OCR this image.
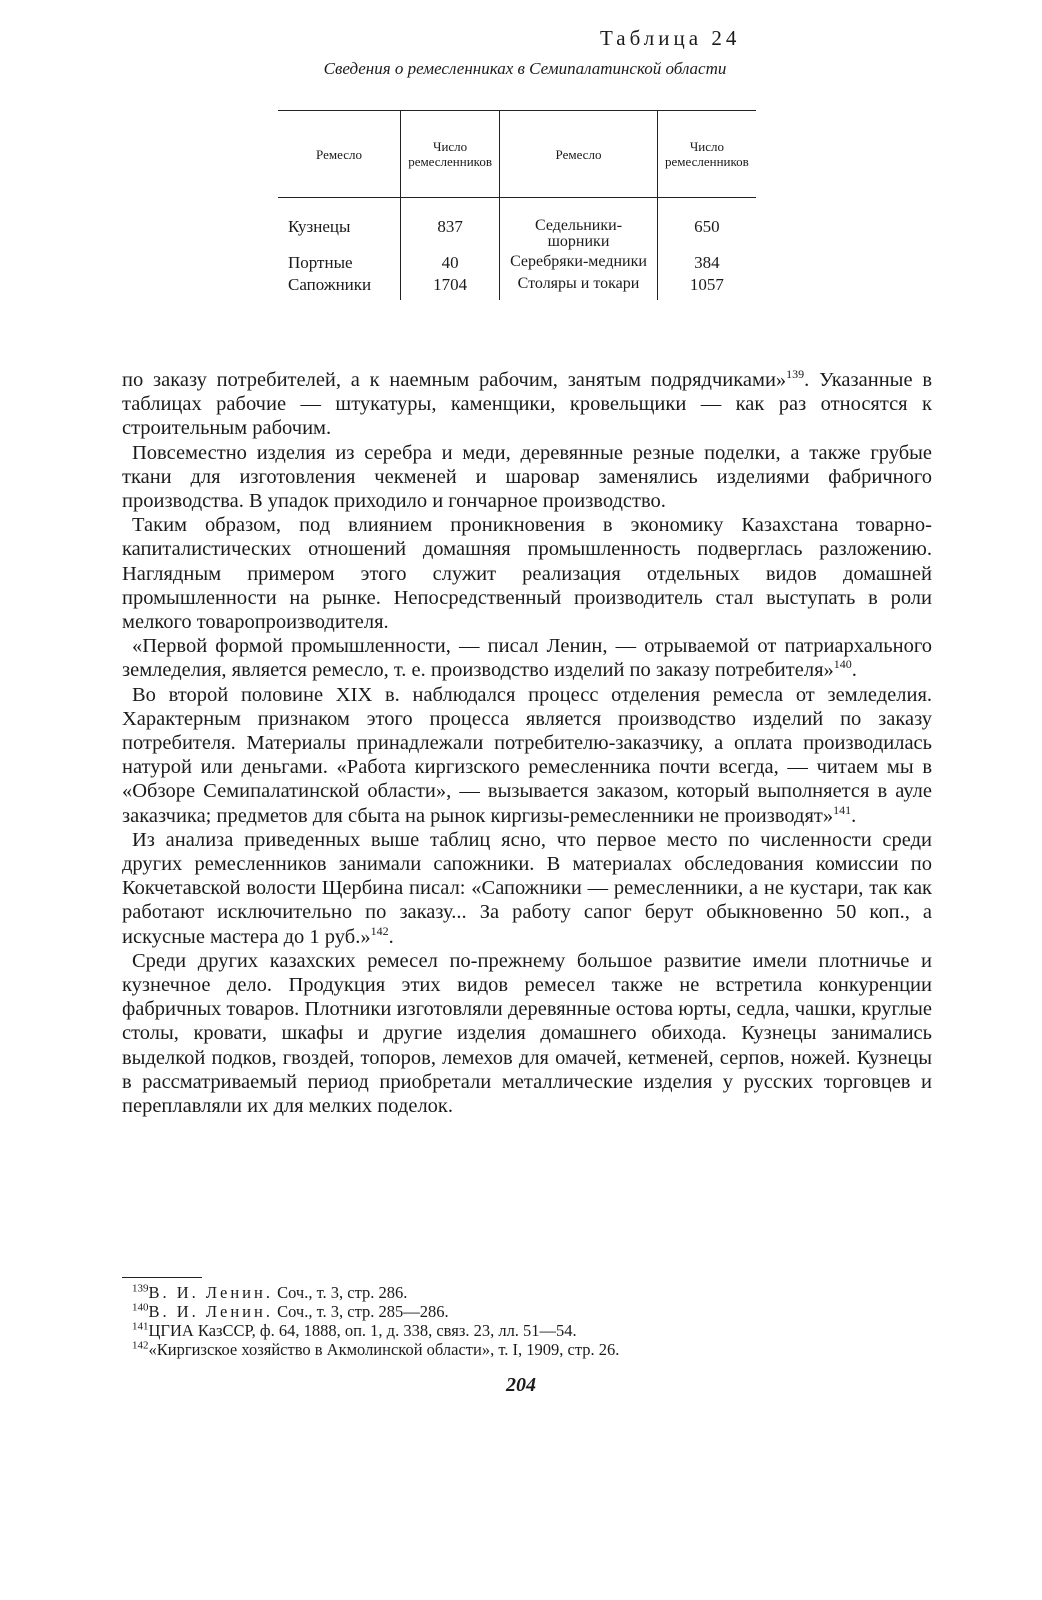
Таблица 24
Сведения о ремесленниках в Семипалатинской области
Ремесло	Число ремесленников	Ремесло	Число ремесленников
Кузнецы	837	Седельники-шорники	650
Портные	40	Серебряки-медники	384
Сапожники	1704	Столяры и токари	1057

по заказу потребителей, а к наемным рабочим, занятым подрядчиками»$^{139}$. Указанные в таблицах рабочие — штукатуры, каменщики, кровельщики — как раз относятся к строительным рабочим.

Повсеместно изделия из серебра и меди, деревянные резные поделки, а также грубые ткани для изготовления чекменей и шаровар заменялись изделиями фабричного производства. В упадок приходило и гончарное производство.

Таким образом, под влиянием проникновения в экономику Казахстана товарно-капиталистических отношений домашняя промышленность подверглась разложению. Наглядным примером этого служит реализация отдельных видов домашней промышленности на рынке. Непосредственный производитель стал выступать в роли мелкого товаропроизводителя.

«Первой формой промышленности, — писал Ленин, — отрываемой от патриархального земледелия, является ремесло, т. е. производство изделий по заказу потребителя»$^{140}$.

Во второй половине XIX в. наблюдался процесс отделения ремесла от земледелия. Характерным признаком этого процесса является производство изделий по заказу потребителя. Материалы принадлежали потребителю-заказчику, а оплата производилась натурой или деньгами. «Работа киргизского ремесленника почти всегда, — читаем мы в «Обзоре Семипалатинской области», — вызывается заказом, который выполняется в ауле заказчика; предметов для сбыта на рынок киргизы-ремесленники не производят»$^{141}$.

Из анализа приведенных выше таблиц ясно, что первое место по численности среди других ремесленников занимали сапожники. В материалах обследования комиссии по Кокчетавской волости Щербина писал: «Сапожники — ремесленники, а не кустари, так как работают исключительно по заказу... За работу сапог берут обыкновенно 50 коп., а искусные мастера до 1 руб.»$^{142}$.

Среди других казахских ремесел по-прежнему большое развитие имели плотничье и кузнечное дело. Продукция этих видов ремесел также не встретила конкуренции фабричных товаров. Плотники изготовляли деревянные остова юрты, седла, чашки, круглые столы, кровати, шкафы и другие изделия домашнего обихода. Кузнецы занимались выделкой подков, гвоздей, топоров, лемехов для омачей, кетменей, серпов, ножей. Кузнецы в рассматриваемый период приобретали металлические изделия у русских торговцев и переплавляли их для мелких поделок.

$^{139}$В. И. Ленин. Соч., т. 3, стр. 286.
$^{140}$В. И. Ленин. Соч., т. 3, стр. 285—286.
$^{141}$ЦГИА КазССР, ф. 64, 1888, оп. 1, д. 338, связ. 23, лл. 51—54.
$^{142}$«Киргизское хозяйство в Акмолинской области», т. I, 1909, стр. 26.
204
